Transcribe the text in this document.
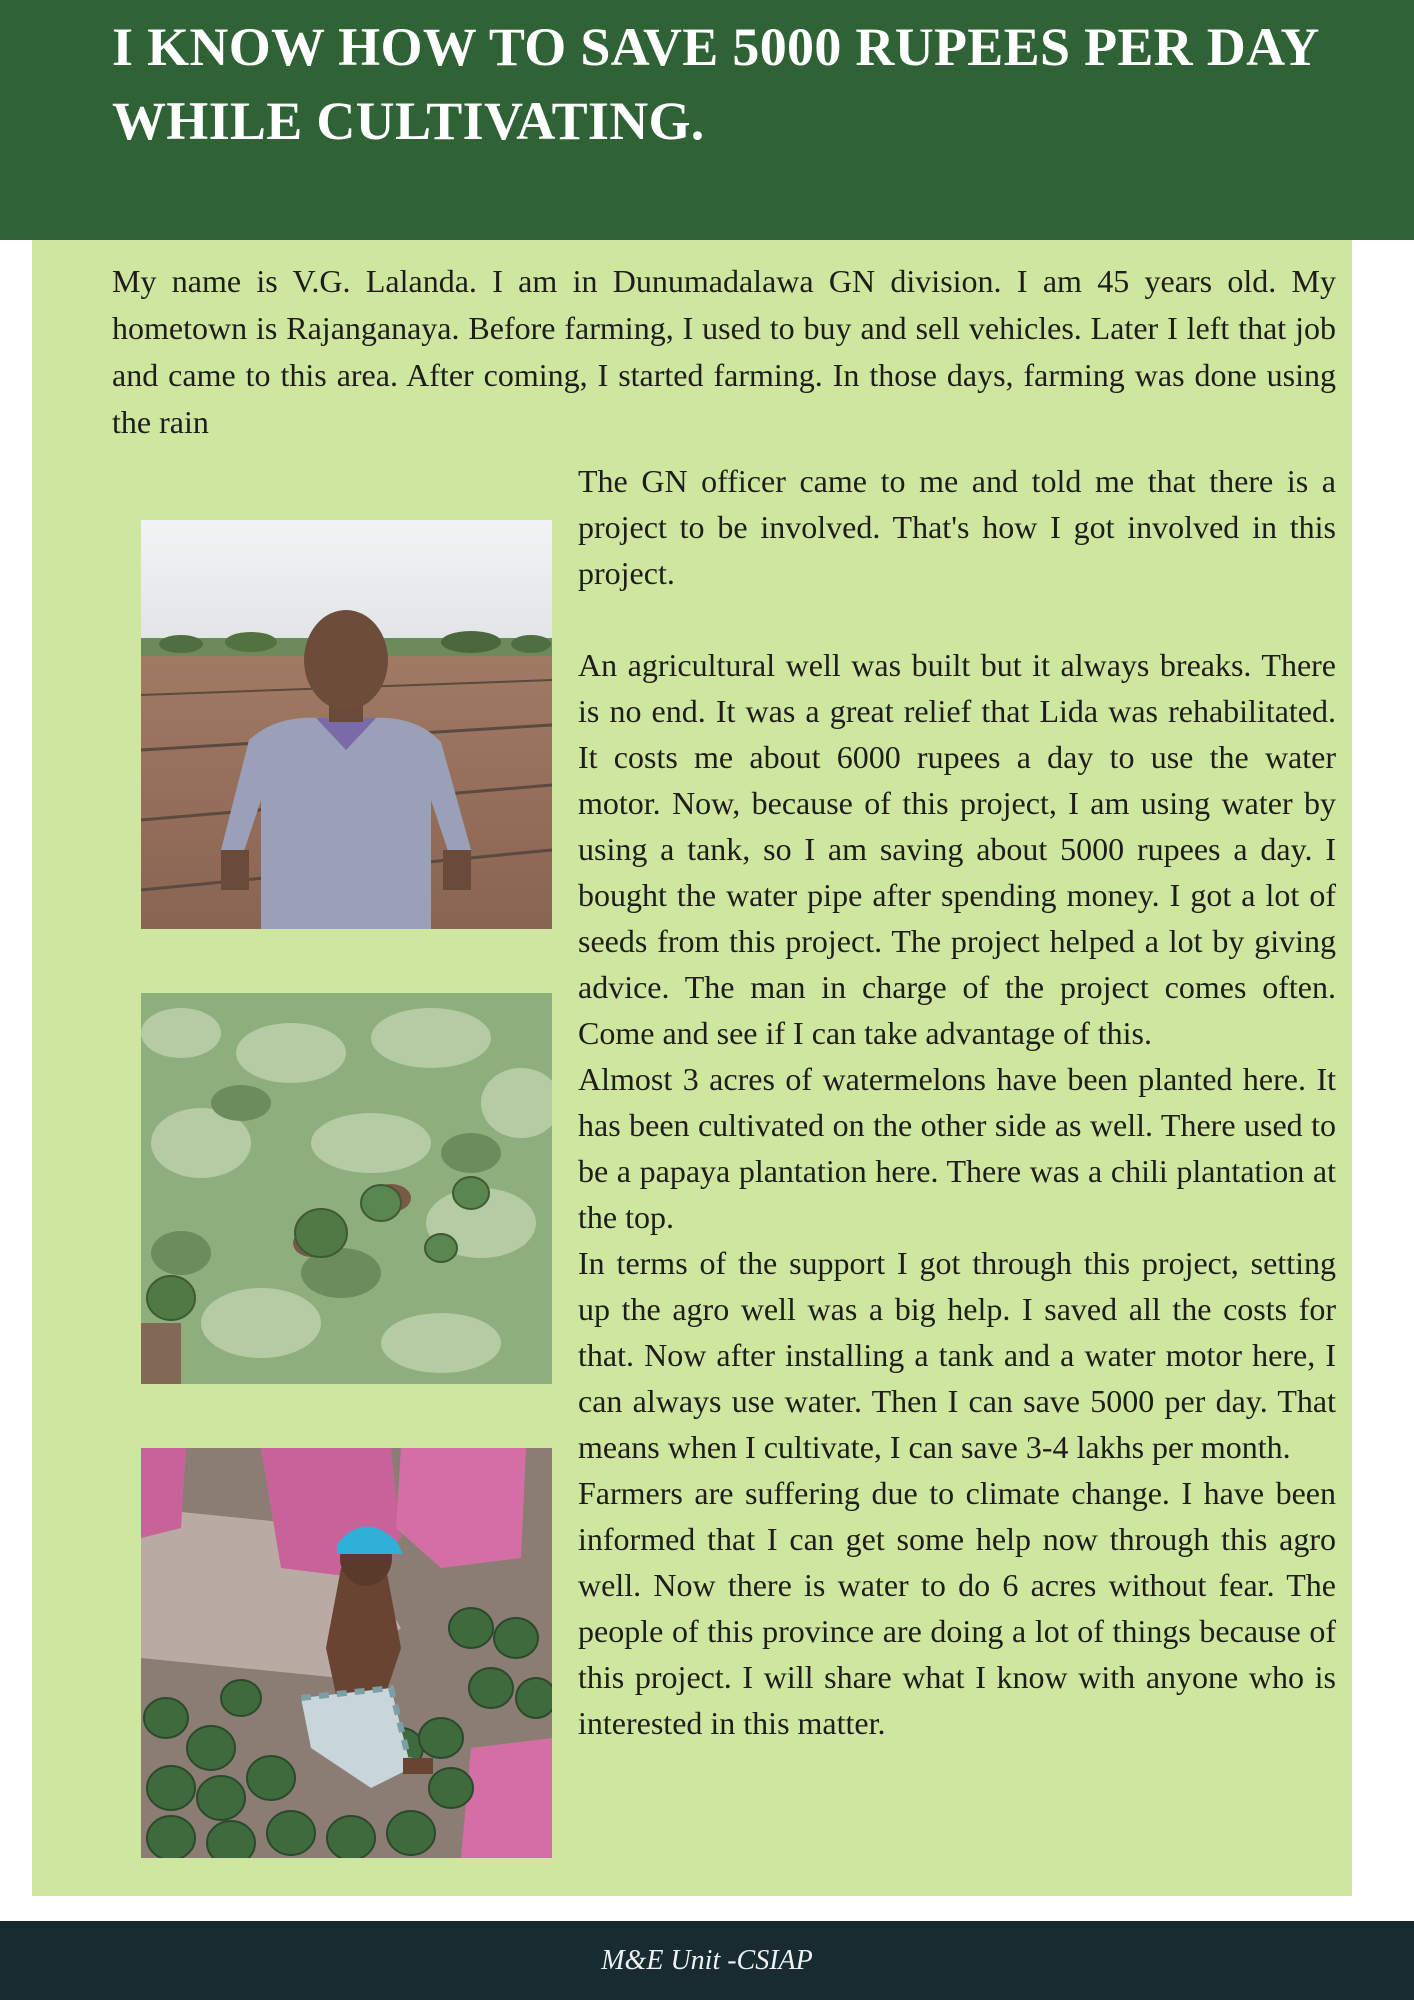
I KNOW HOW TO SAVE 5000 RUPEES PER DAY WHILE CULTIVATING.

My name is V.G. Lalanda. I am in Dunumadalawa GN division. I am 45 years old. My hometown is Rajanganaya. Before farming, I used to buy and sell vehicles. Later I left that job and came to this area. After coming, I started farming. In those days, farming was done using the rain

The GN officer came to me and told me that there is a project to be involved. That's how I got involved in this project.

An agricultural well was built but it always breaks. There is no end. It was a great relief that Lida was rehabilitated. It costs me about 6000 rupees a day to use the water motor. Now, because of this project, I am using water by using a tank, so I am saving about 5000 rupees a day. I bought the water pipe after spending money. I got a lot of seeds from this project. The project helped a lot by giving advice. The man in charge of the project comes often. Come and see if I can take advantage of this.

Almost 3 acres of watermelons have been planted here. It has been cultivated on the other side as well. There used to be a papaya plantation here. There was a chili plantation at the top.

In terms of the support I got through this project, setting up the agro well was a big help. I saved all the costs for that. Now after installing a tank and a water motor here, I can always use water. Then I can save 5000 per day. That means when I cultivate, I can save 3-4 lakhs per month.

Farmers are suffering due to climate change. I have been informed that I can get some help now through this agro well. Now there is water to do 6 acres without fear. The people of this province are doing a lot of things because of this project. I will share what I know with anyone who is interested in this matter.

M&E Unit -CSIAP
